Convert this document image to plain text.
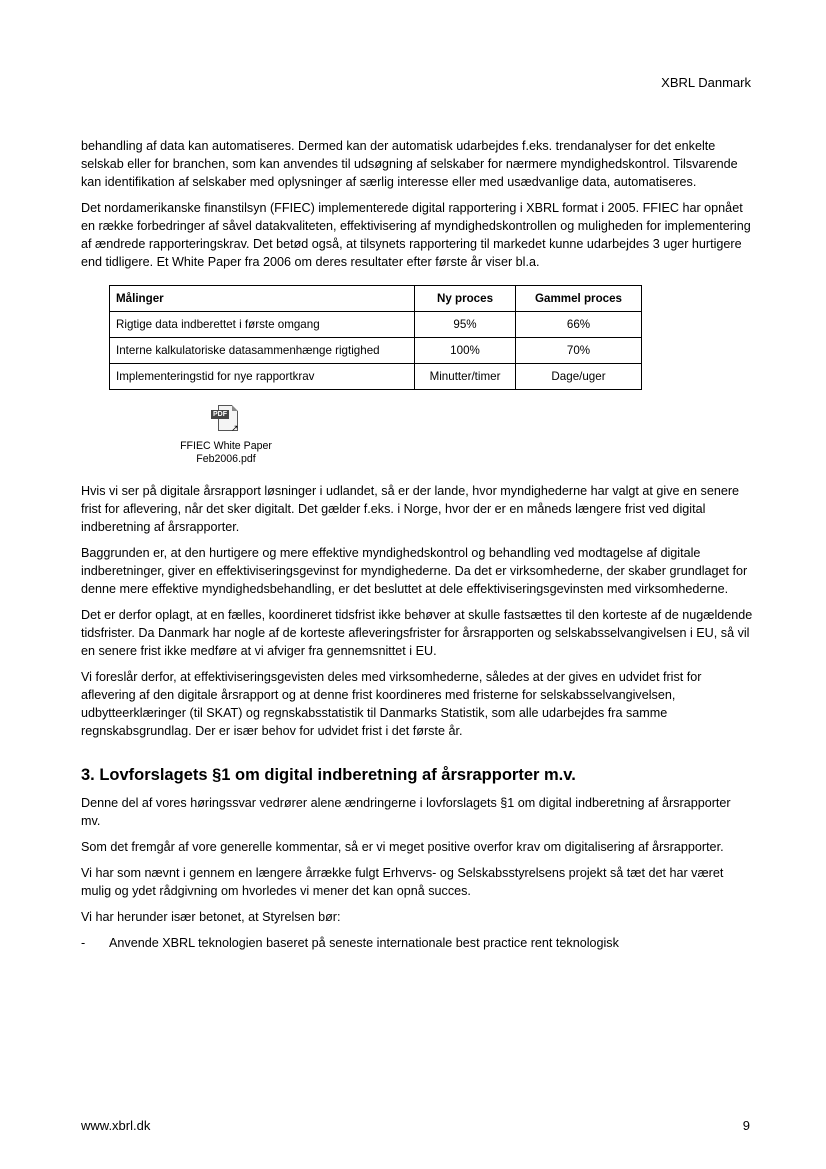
XBRL Danmark

behandling af data kan automatiseres. Dermed kan der automatisk udarbejdes f.eks. trendanalyser for det enkelte selskab eller for branchen, som kan anvendes til udsøgning af selskaber for nærmere myndighedskontrol. Tilsvarende kan identifikation af selskaber med oplysninger af særlig interesse eller med usædvanlige data, automatiseres.

Det nordamerikanske finanstilsyn (FFIEC) implementerede digital rapportering i XBRL format i 2005. FFIEC har opnået en række forbedringer af såvel datakvaliteten, effektivisering af myndighedskontrollen og muligheden for implementering af ændrede rapporteringskrav. Det betød også, at tilsynets rapportering til markedet kunne udarbejdes 3 uger hurtigere end tidligere. Et White Paper fra 2006 om deres resultater efter første år viser bl.a.

Målinger	Ny proces	Gammel proces
Rigtige data indberettet i første omgang	95%	66%
Interne kalkulatoriske datasammenhænge rigtighed	100%	70%
Implementeringstid for nye rapportkrav	Minutter/timer	Dage/uger
PDF
↗
FFIEC White Paper
Feb2006.pdf

Hvis vi ser på digitale årsrapport løsninger i udlandet, så er der lande, hvor myndighederne har valgt at give en senere frist for aflevering, når det sker digitalt. Det gælder f.eks. i Norge, hvor der er en måneds længere frist ved digital indberetning af årsrapporter.

Baggrunden er, at den hurtigere og mere effektive myndighedskontrol og behandling ved modtagelse af digitale indberetninger, giver en effektiviseringsgevinst for myndighederne. Da det er virksomhederne, der skaber grundlaget for denne mere effektive myndighedsbehandling, er det besluttet at dele effektiviseringsgevinsten med virksomhederne.

Det er derfor oplagt, at en fælles, koordineret tidsfrist ikke behøver at skulle fastsættes til den korteste af de nugældende tidsfrister. Da Danmark har nogle af de korteste afleveringsfrister for årsrapporten og selskabsselvangivelsen i EU, så vil en senere frist ikke medføre at vi afviger fra gennemsnittet i EU.

Vi foreslår derfor, at effektiviseringsgevisten deles med virksomhederne, således at der gives en udvidet frist for aflevering af den digitale årsrapport og at denne frist koordineres med fristerne for selskabsselvangivelsen, udbytteerklæringer (til SKAT) og regnskabsstatistik til Danmarks Statistik, som alle udarbejdes fra samme regnskabsgrundlag. Der er især behov for udvidet frist i det første år.

3. Lovforslagets §1 om digital indberetning af årsrapporter m.v.

Denne del af vores høringssvar vedrører alene ændringerne i lovforslagets §1 om digital indberetning af årsrapporter mv.

Som det fremgår af vore generelle kommentar, så er vi meget positive overfor krav om digitalisering af årsrapporter.

Vi har som nævnt i gennem en længere årrække fulgt Erhvervs- og Selskabsstyrelsens projekt så tæt det har været mulig og ydet rådgivning om hvorledes vi mener det kan opnå succes.

Vi har herunder især betonet, at Styrelsen bør:

-	Anvende XBRL teknologien baseret på seneste internationale best practice rent teknologisk
www.xbrl.dk	9
